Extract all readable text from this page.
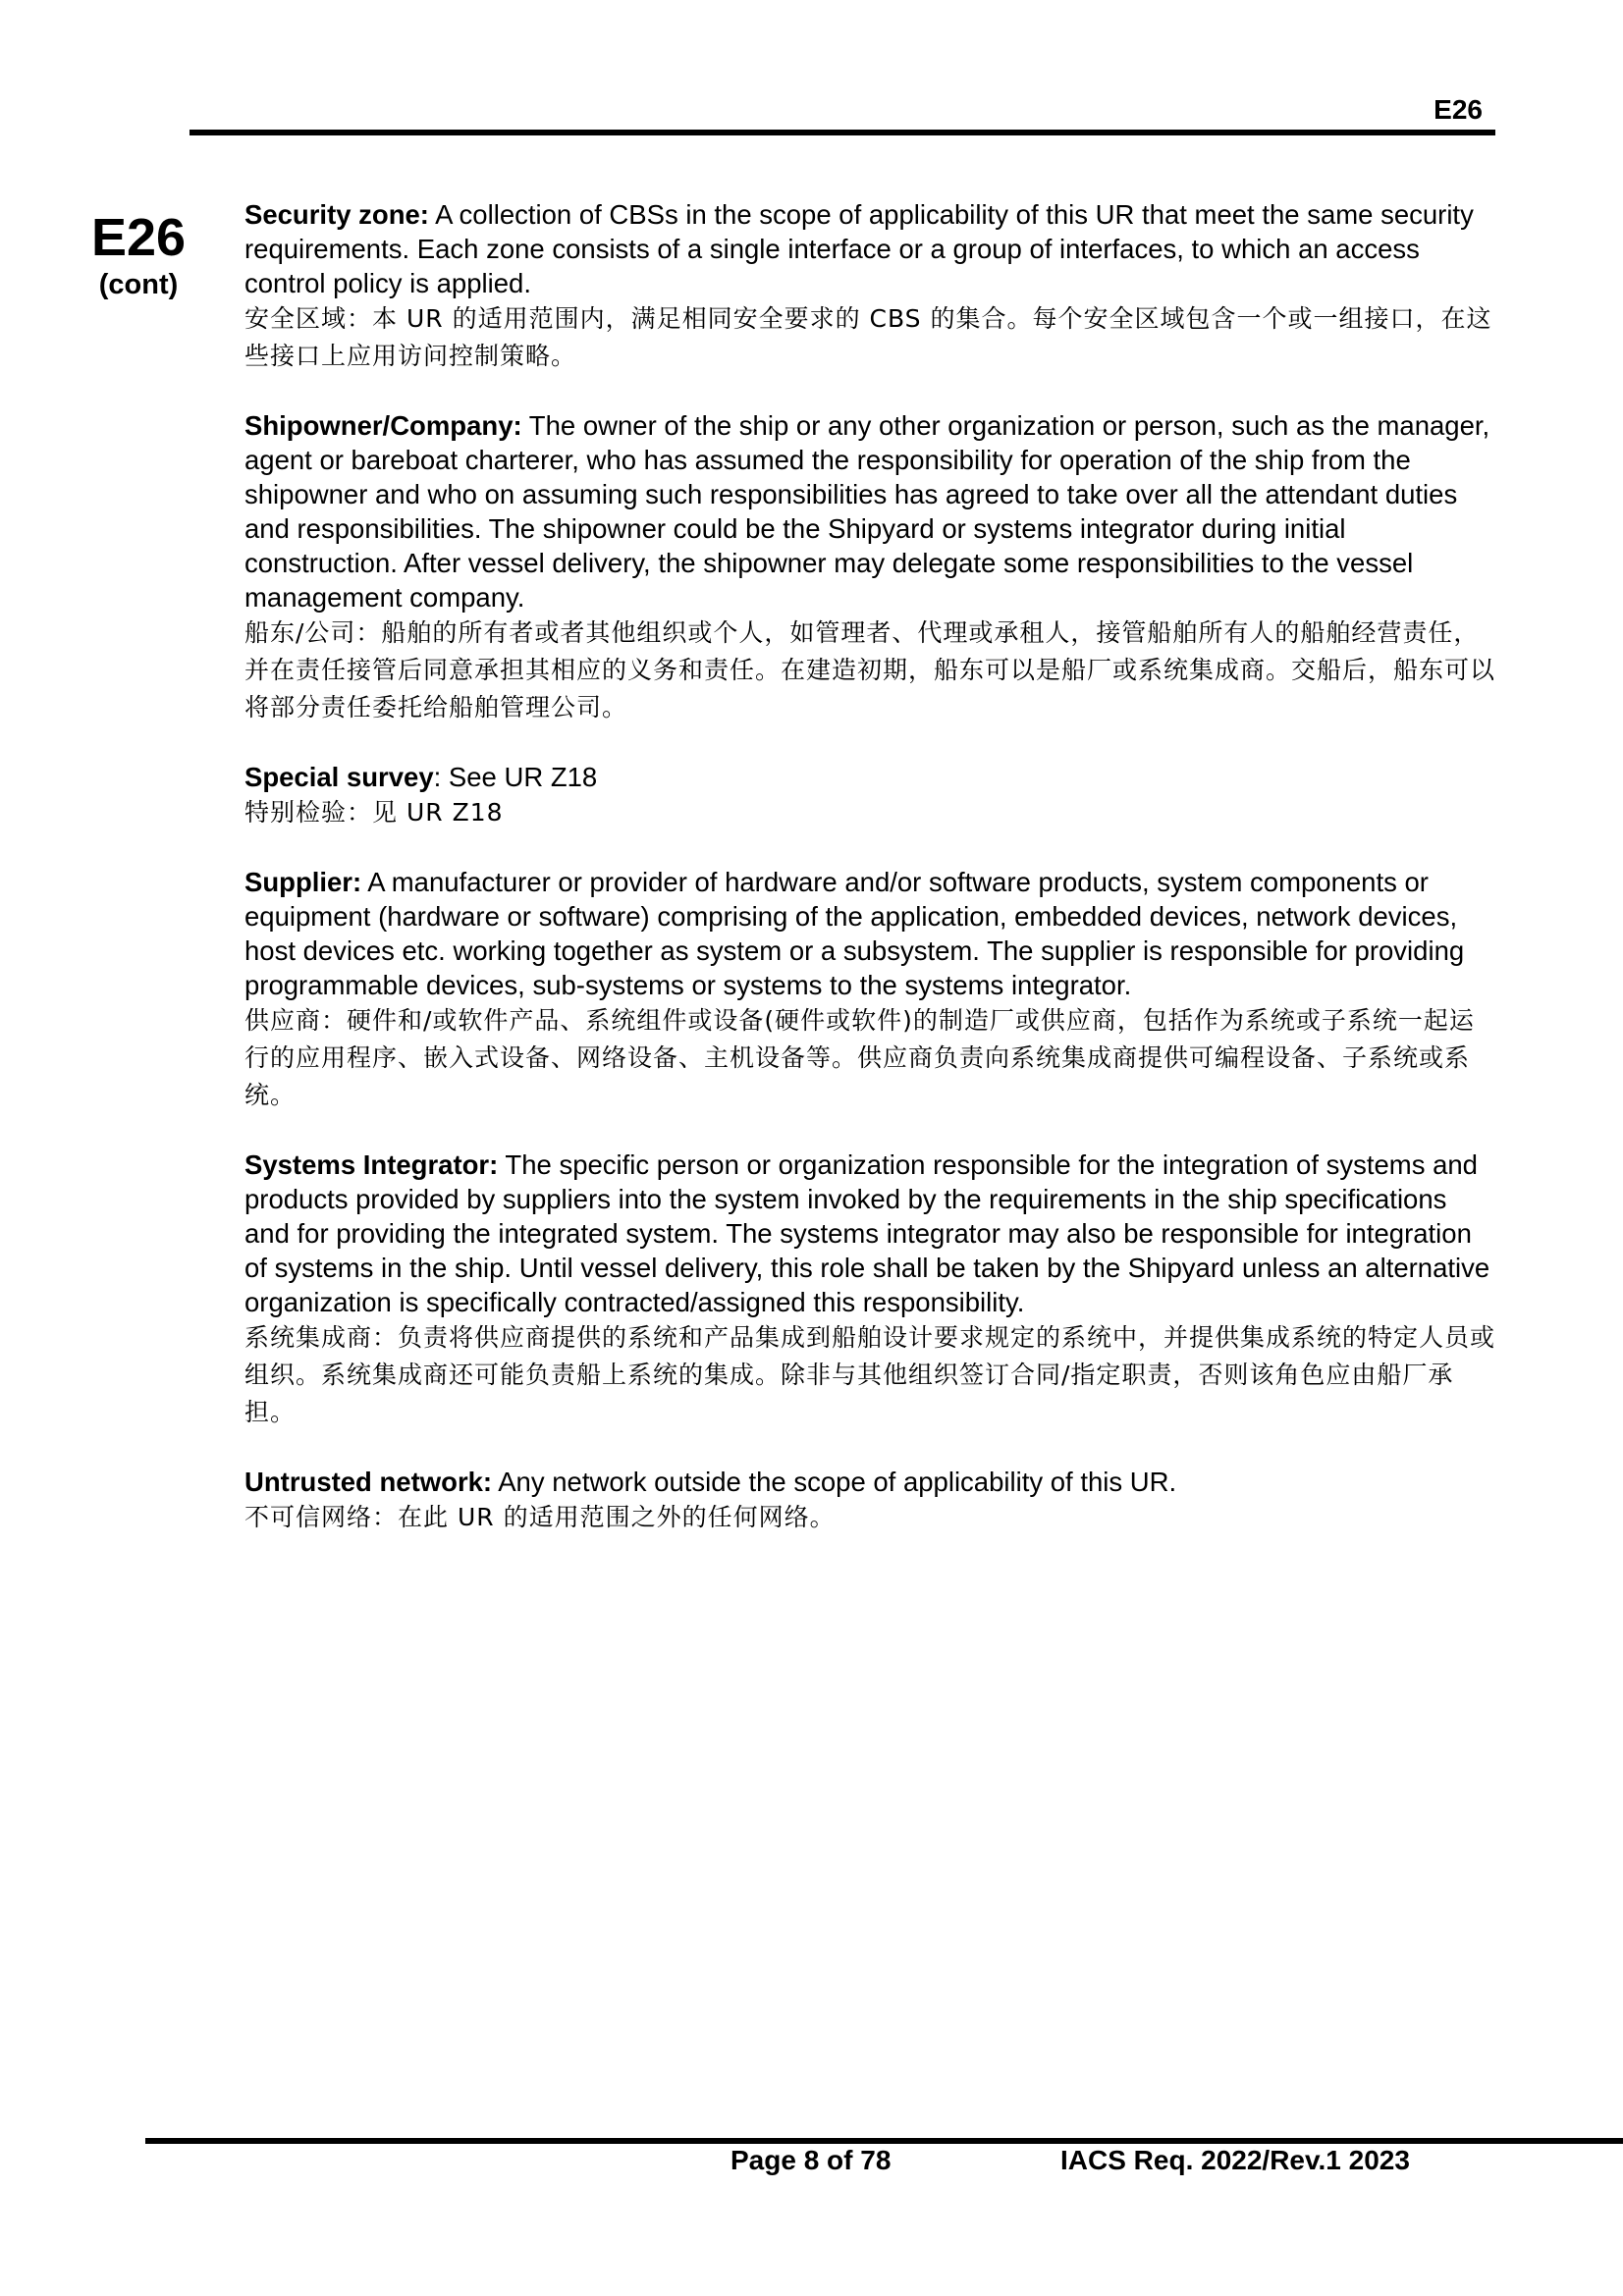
E26
E26
(cont)

Security zone: A collection of CBSs in the scope of applicability of this UR that meet the same security requirements. Each zone consists of a single interface or a group of interfaces, to which an access control policy is applied.

安全区域：本 UR 的适用范围内，满足相同安全要求的 CBS 的集合。每个安全区域包含一个或一组接口，在这些接口上应用访问控制策略。

Shipowner/Company: The owner of the ship or any other organization or person, such as the manager, agent or bareboat charterer, who has assumed the responsibility for operation of the ship from the shipowner and who on assuming such responsibilities has agreed to take over all the attendant duties and responsibilities. The shipowner could be the Shipyard or systems integrator during initial construction. After vessel delivery, the shipowner may delegate some responsibilities to the vessel management company.

船东/公司：船舶的所有者或者其他组织或个人，如管理者、代理或承租人，接管船舶所有人的船舶经营责任，并在责任接管后同意承担其相应的义务和责任。在建造初期，船东可以是船厂或系统集成商。交船后，船东可以将部分责任委托给船舶管理公司。

Special survey: See UR Z18

特别检验：见 UR Z18

Supplier: A manufacturer or provider of hardware and/or software products, system components or equipment (hardware or software) comprising of the application, embedded devices, network devices, host devices etc. working together as system or a subsystem. The supplier is responsible for providing programmable devices, sub-systems or systems to the systems integrator.

供应商：硬件和/或软件产品、系统组件或设备(硬件或软件)的制造厂或供应商，包括作为系统或子系统一起运行的应用程序、嵌入式设备、网络设备、主机设备等。供应商负责向系统集成商提供可编程设备、子系统或系统。

Systems Integrator: The specific person or organization responsible for the integration of systems and products provided by suppliers into the system invoked by the requirements in the ship specifications and for providing the integrated system. The systems integrator may also be responsible for integration of systems in the ship. Until vessel delivery, this role shall be taken by the Shipyard unless an alternative organization is specifically contracted/assigned this responsibility.

系统集成商：负责将供应商提供的系统和产品集成到船舶设计要求规定的系统中，并提供集成系统的特定人员或组织。系统集成商还可能负责船上系统的集成。除非与其他组织签订合同/指定职责，否则该角色应由船厂承担。

Untrusted network: Any network outside the scope of applicability of this UR.

不可信网络：在此 UR 的适用范围之外的任何网络。

Page 8 of 78	IACS Req. 2022/Rev.1 2023
